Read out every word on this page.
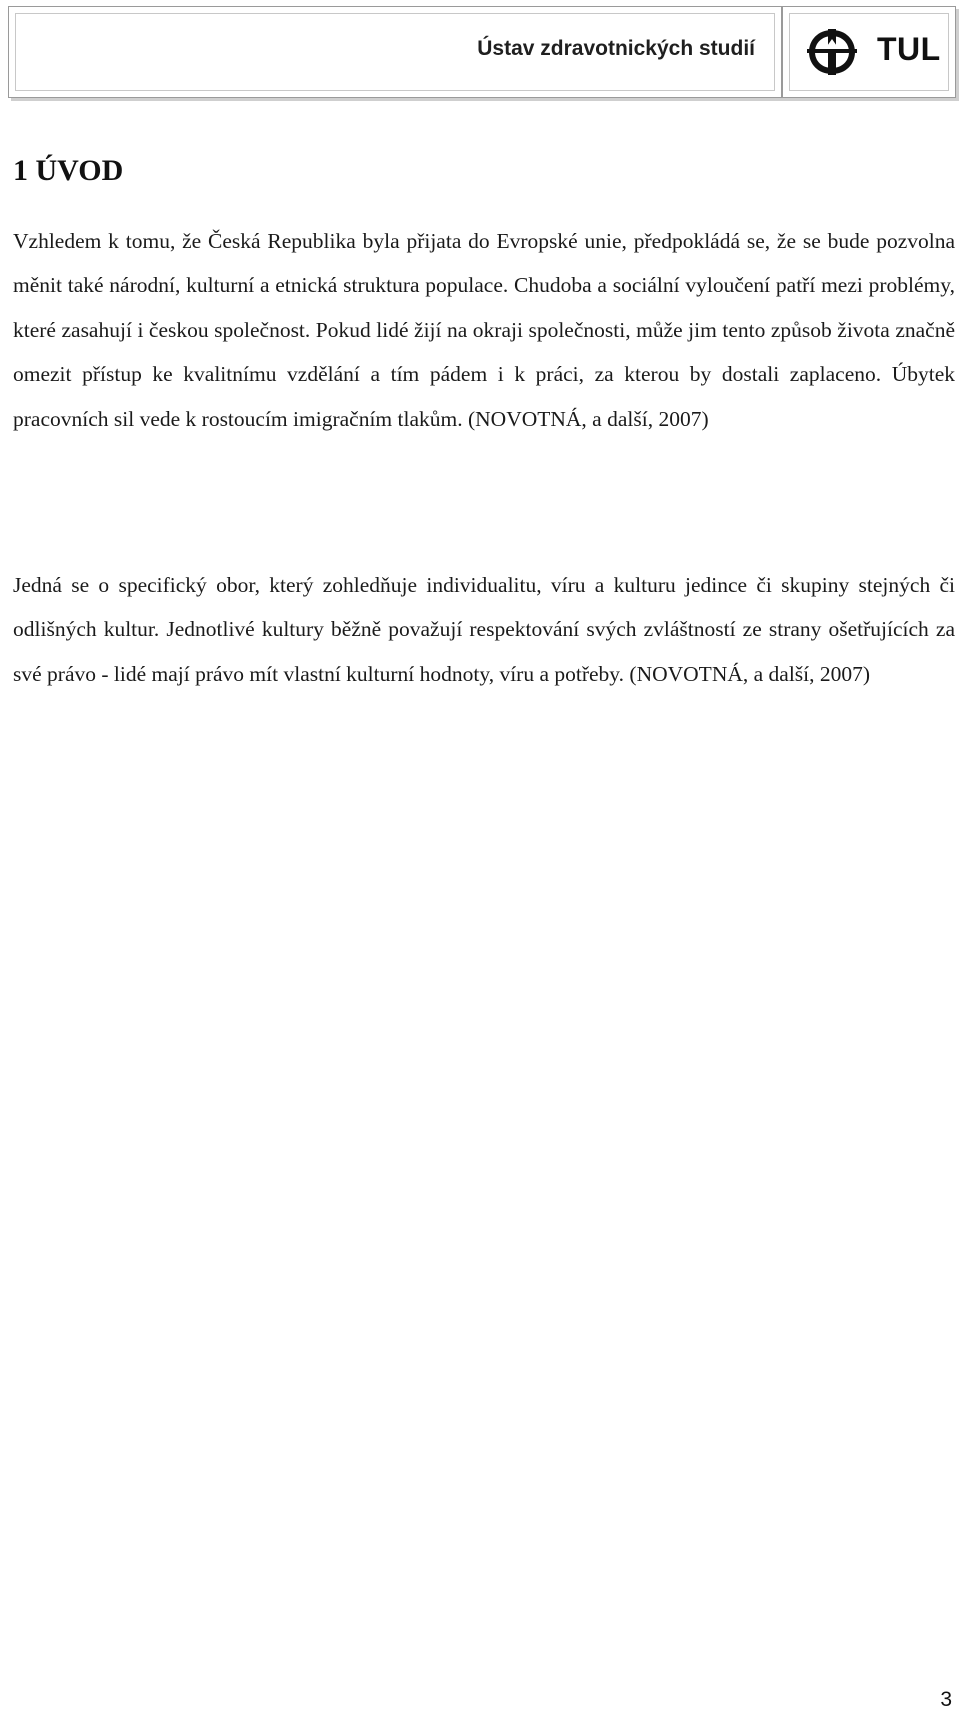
Ústav zdravotnických studií	TUL
1 ÚVOD

Vzhledem k tomu, že Česká Republika byla přijata do Evropské unie, předpokládá se, že se bude pozvolna měnit také národní, kulturní a etnická struktura populace. Chudoba a sociální vyloučení patří mezi problémy, které zasahují i českou společnost. Pokud lidé žijí na okraji společnosti, může jim tento způsob života značně omezit přístup ke kvalitnímu vzdělání a tím pádem i k práci, za kterou by dostali zaplaceno. Úbytek pracovních sil vede k rostoucím imigračním tlakům. (NOVOTNÁ, a další, 2007)

Jedná se o specifický obor, který zohledňuje individualitu, víru a kulturu jedince či skupiny stejných či odlišných kultur. Jednotlivé kultury běžně považují respektování svých zvláštností ze strany ošetřujících za své právo - lidé mají právo mít vlastní kulturní hodnoty, víru a potřeby. (NOVOTNÁ, a další, 2007)

3
